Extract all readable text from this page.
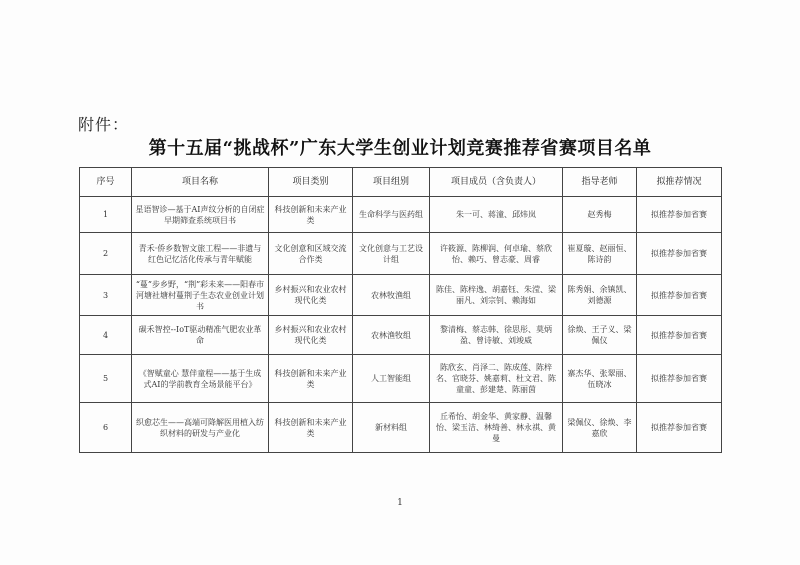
附件：
第十五届“挑战杯”广东大学生创业计划竞赛推荐省赛项目名单
序号	项目名称	项目类别	项目组别	项目成员（含负责人）	指导老师	拟推荐情况
1	星语智诊—基于AI声纹分析的自闭症早期筛查系统项目书	科技创新和未来产业类	生命科学与医药组	朱一可、蒋潼、邱炜岚	赵秀梅	拟推荐参加省赛
2	青禾·侨乡数智文旅工程——非遗与红色记忆活化传承与青年赋能	文化创意和区域交流合作类	文化创意与工艺设计组	许筱源、陈柳润、何卓瑜、蔡欣怡、赖巧、曾志豪、周睿	崔夏璇、赵丽恒、陈诗韵	拟推荐参加省赛
3	“蔓”步乡野，“荆”彩未来——阳春市河塘社塘村蔓荆子生态农业创业计划书	乡村振兴和农业农村现代化类	农林牧渔组	陈佳、陈梓逸、胡嘉钰、朱滢、梁丽凡、刘宗钊、赖海如	陈秀娟、余镇凯、刘德源	拟推荐参加省赛
4	碳禾智控--IoT驱动精准气肥农业革命	乡村振兴和农业农村现代化类	农林渔牧组	黎清梅、蔡志韩、徐思彤、莫炳盈、曾诗敏、刘竣威	徐焕、王子义、梁佩仪	拟推荐参加省赛
5	《智赋童心 慧伴童程——基于生成式AI的学前教育全场景能平台》	科技创新和未来产业类	人工智能组	陈欣玄、肖泽二、陈成莲、陈梓名、官晓芬、姚嘉莉、杜文君、陈童童、彭建楚、陈丽茵	寨杰华、张翠丽、伍晓冰	拟推荐参加省赛
6	织愈芯生——高端可降解医用植入纺织材料的研发与产业化	科技创新和未来产业类	新材料组	丘希怡、胡金华、黄家静、温馨怡、梁玉洁、林绮善、林永祺、黄曼	梁佩仪、徐焕、李嘉欣	拟推荐参加省赛
1
